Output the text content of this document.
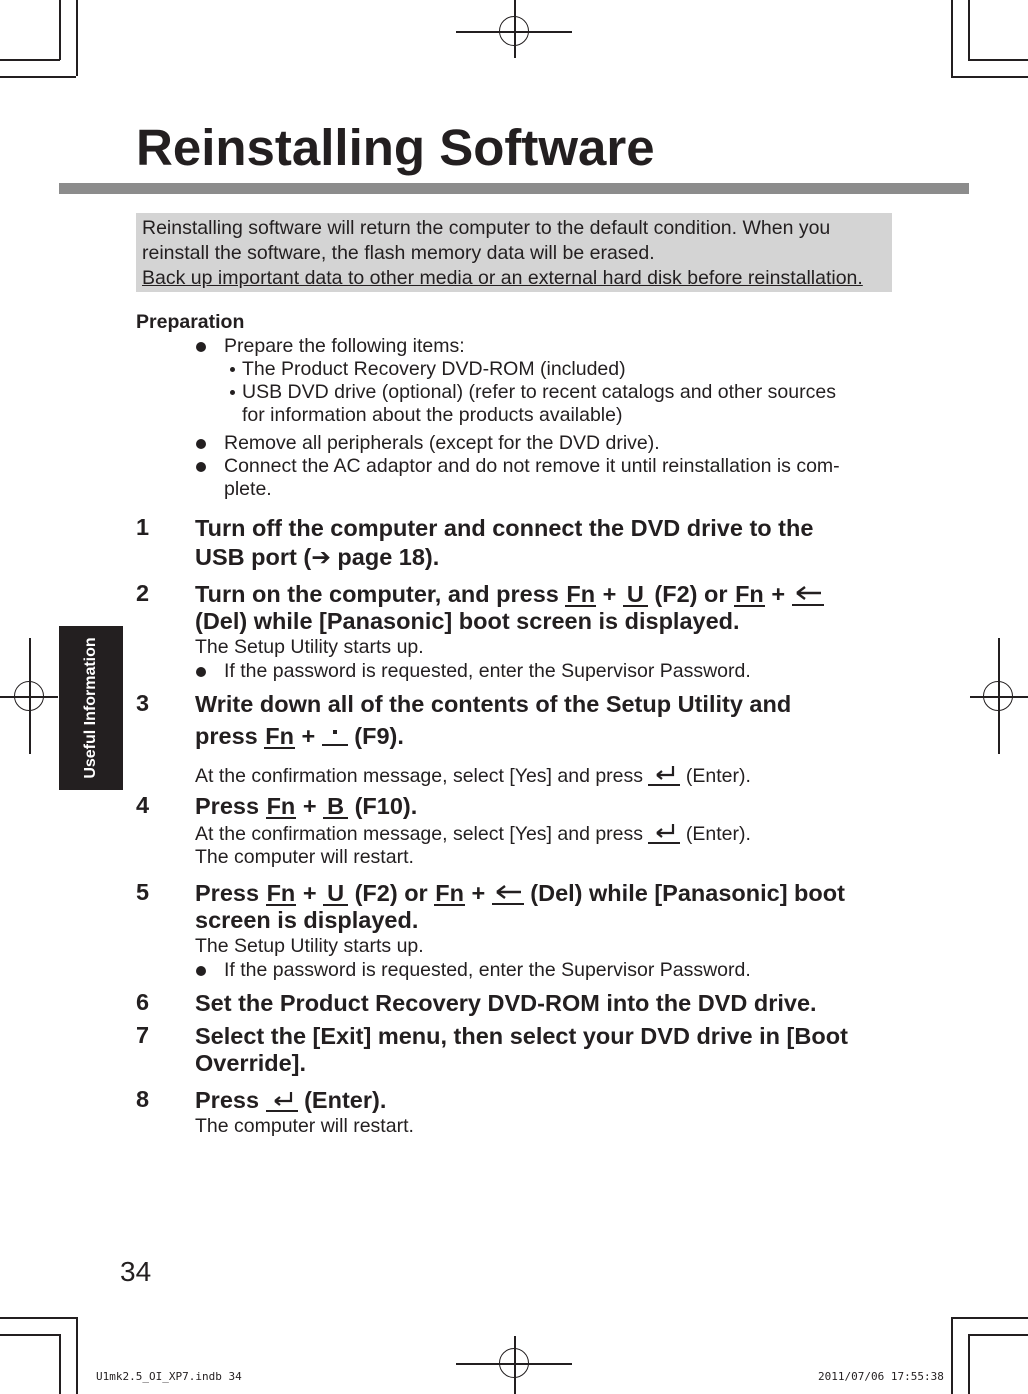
Reinstalling Software
Useful Information
Reinstalling software will return the computer to the default condition. When you
reinstall the software, the flash memory data will be erased.
Back up important data to other media or an external hard disk before reinstallation.
Preparation
Prepare the following items:
The Product Recovery DVD-ROM (included)
USB DVD drive (optional) (refer to recent catalogs and other sources
for information about the products available)
Remove all peripherals (except for the DVD drive).
Connect the AC adaptor and do not remove it until reinstallation is com-
plete.
1 Turn off the computer and connect the DVD drive to the
USB port (➔ page 18).
2 Turn on the computer, and press Fn + U (F2) or Fn +
(Del) while [Panasonic] boot screen is displayed.
The Setup Utility starts up.
If the password is requested, enter the Supervisor Password.
3 Write down all of the contents of the Setup Utility and
press Fn +
(F9).
At the confirmation message, select [Yes] and press
(Enter).
4 Press Fn + B (F10).
At the confirmation message, select [Yes] and press
(Enter).
The computer will restart.
5 Press Fn + U (F2) or Fn +
(Del) while [Panasonic] boot
screen is displayed.
The Setup Utility starts up.
If the password is requested, enter the Supervisor Password.
6 Set the Product Recovery DVD-ROM into the DVD drive.
7 Select the [Exit] menu, then select your DVD drive in [Boot
Override].
8 Press
(Enter).
The computer will restart.
34
U1mk2.5_OI_XP7.indb 34	2011/07/06 17:55:38
